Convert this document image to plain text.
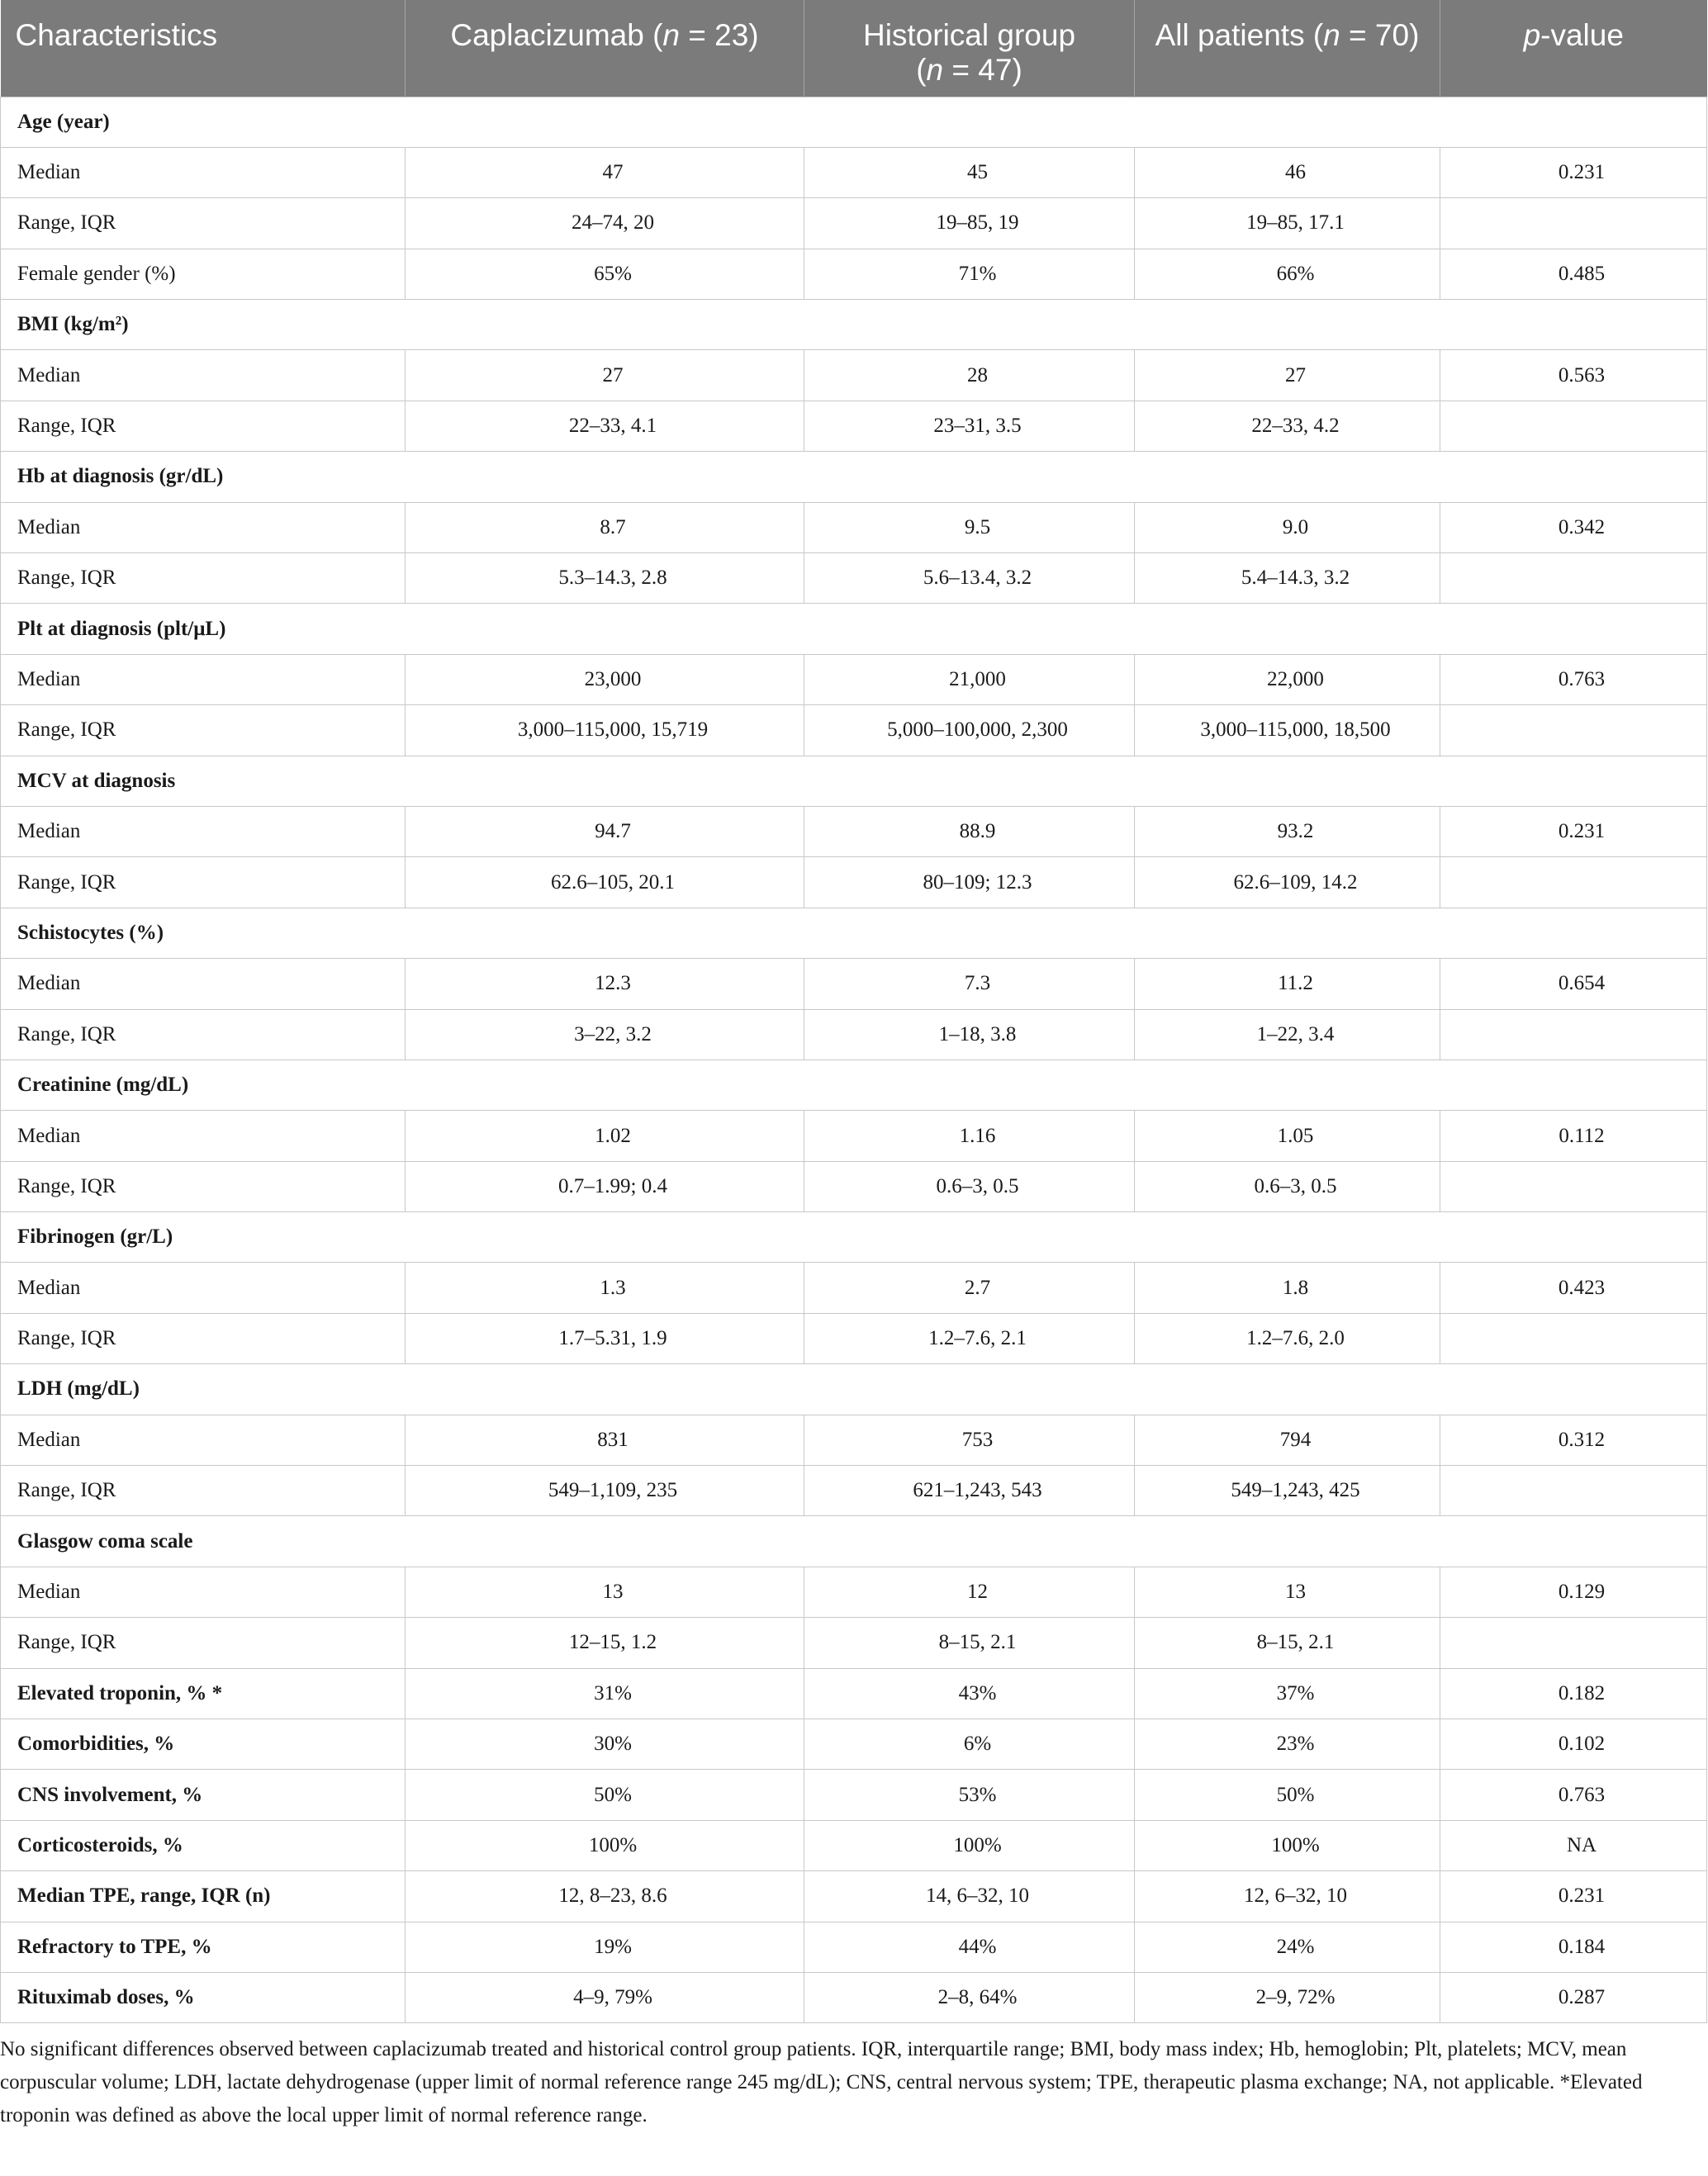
Characteristics	Caplacizumab (n = 23)	Historical group
(n = 47)	All patients (n = 70)	p-value
Age (year)				
Median	47	45	46	0.231
Range, IQR	24–74, 20	19–85, 19	19–85, 17.1	
Female gender (%)	65%	71%	66%	0.485
BMI (kg/m²)				
Median	27	28	27	0.563
Range, IQR	22–33, 4.1	23–31, 3.5	22–33, 4.2	
Hb at diagnosis (gr/dL)				
Median	8.7	9.5	9.0	0.342
Range, IQR	5.3–14.3, 2.8	5.6–13.4, 3.2	5.4–14.3, 3.2	
Plt at diagnosis (plt/μL)				
Median	23,000	21,000	22,000	0.763
Range, IQR	3,000–115,000, 15,719	5,000–100,000, 2,300	3,000–115,000, 18,500	
MCV at diagnosis				
Median	94.7	88.9	93.2	0.231
Range, IQR	62.6–105, 20.1	80–109; 12.3	62.6–109, 14.2	
Schistocytes (%)				
Median	12.3	7.3	11.2	0.654
Range, IQR	3–22, 3.2	1–18, 3.8	1–22, 3.4	
Creatinine (mg/dL)				
Median	1.02	1.16	1.05	0.112
Range, IQR	0.7–1.99; 0.4	0.6–3, 0.5	0.6–3, 0.5	
Fibrinogen (gr/L)				
Median	1.3	2.7	1.8	0.423
Range, IQR	1.7–5.31, 1.9	1.2–7.6, 2.1	1.2–7.6, 2.0	
LDH (mg/dL)				
Median	831	753	794	0.312
Range, IQR	549–1,109, 235	621–1,243, 543	549–1,243, 425	
Glasgow coma scale				
Median	13	12	13	0.129
Range, IQR	12–15, 1.2	8–15, 2.1	8–15, 2.1	
Elevated troponin, % *	31%	43%	37%	0.182
Comorbidities, %	30%	6%	23%	0.102
CNS involvement, %	50%	53%	50%	0.763
Corticosteroids, %	100%	100%	100%	NA
Median TPE, range, IQR (n)	12, 8–23, 8.6	14, 6–32, 10	12, 6–32, 10	0.231
Refractory to TPE, %	19%	44%	24%	0.184
Rituximab doses, %	4–9, 79%	2–8, 64%	2–9, 72%	0.287
No significant differences observed between caplacizumab treated and historical control group patients. IQR, interquartile range; BMI, body mass index; Hb, hemoglobin; Plt, platelets; MCV, mean corpuscular volume; LDH, lactate dehydrogenase (upper limit of normal reference range 245 mg/dL); CNS, central nervous system; TPE, therapeutic plasma exchange; NA, not applicable. *Elevated troponin was defined as above the local upper limit of normal reference range.
